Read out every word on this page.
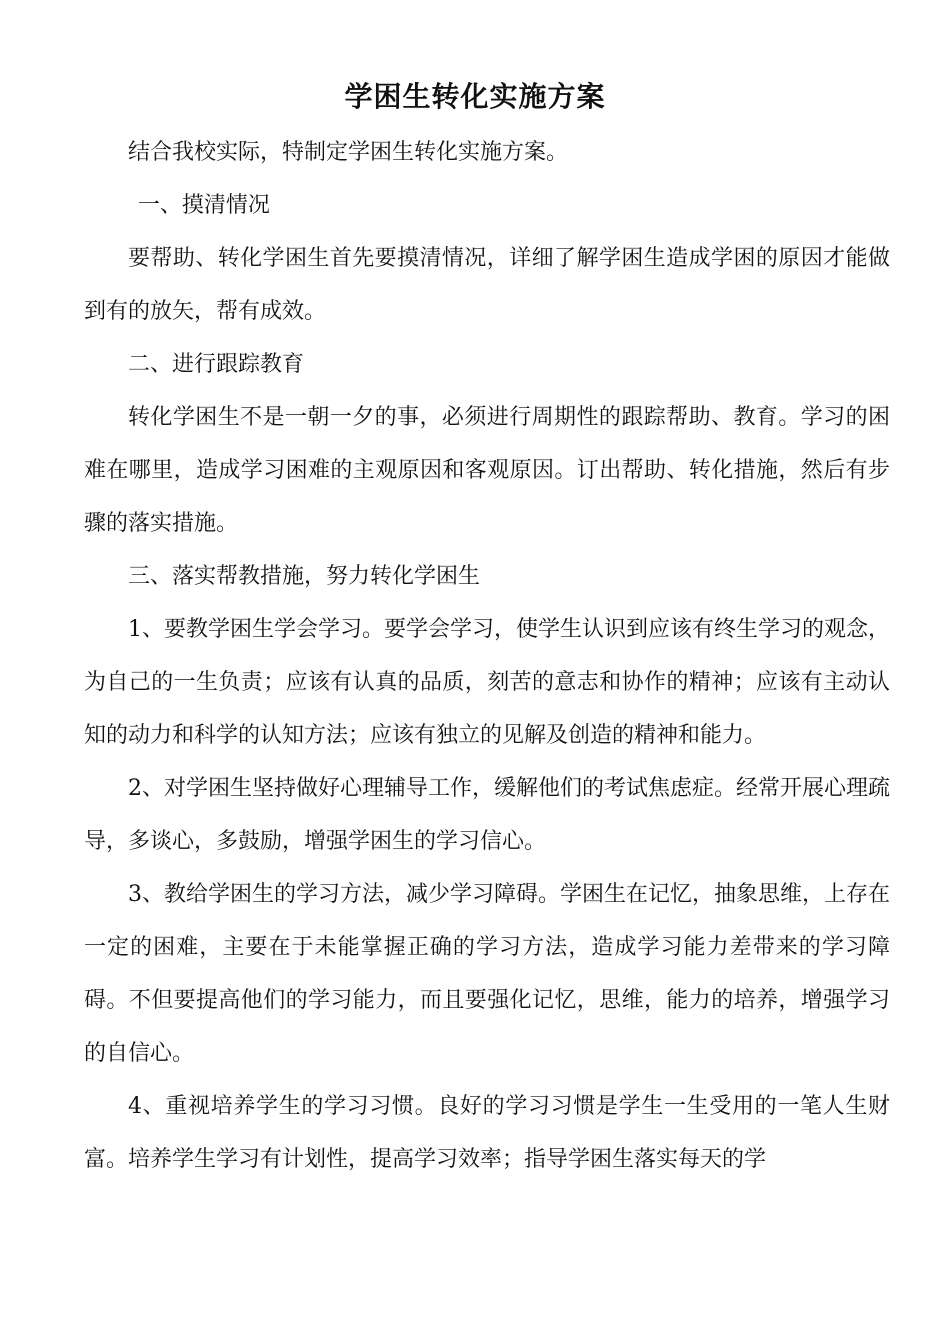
学困生转化实施方案

结合我校实际，特制定学困生转化实施方案。

一、摸清情况

要帮助、转化学困生首先要摸清情况，详细了解学困生造成学困的原因才能做到有的放矢，帮有成效。

二、进行跟踪教育

转化学困生不是一朝一夕的事，必须进行周期性的跟踪帮助、教育。学习的困难在哪里，造成学习困难的主观原因和客观原因。订出帮助、转化措施，然后有步骤的落实措施。

三、落实帮教措施，努力转化学困生

1、要教学困生学会学习。要学会学习，使学生认识到应该有终生学习的观念，为自己的一生负责；应该有认真的品质，刻苦的意志和协作的精神；应该有主动认知的动力和科学的认知方法；应该有独立的见解及创造的精神和能力。

2、对学困生坚持做好心理辅导工作，缓解他们的考试焦虑症。经常开展心理疏导，多谈心，多鼓励，增强学困生的学习信心。

3、教给学困生的学习方法，减少学习障碍。学困生在记忆，抽象思维，上存在一定的困难，主要在于未能掌握正确的学习方法，造成学习能力差带来的学习障碍。不但要提高他们的学习能力，而且要强化记忆，思维，能力的培养，增强学习的自信心。

4、重视培养学生的学习习惯。良好的学习习惯是学生一生受用的一笔人生财富。培养学生学习有计划性，提高学习效率；指导学困生落实每天的学
